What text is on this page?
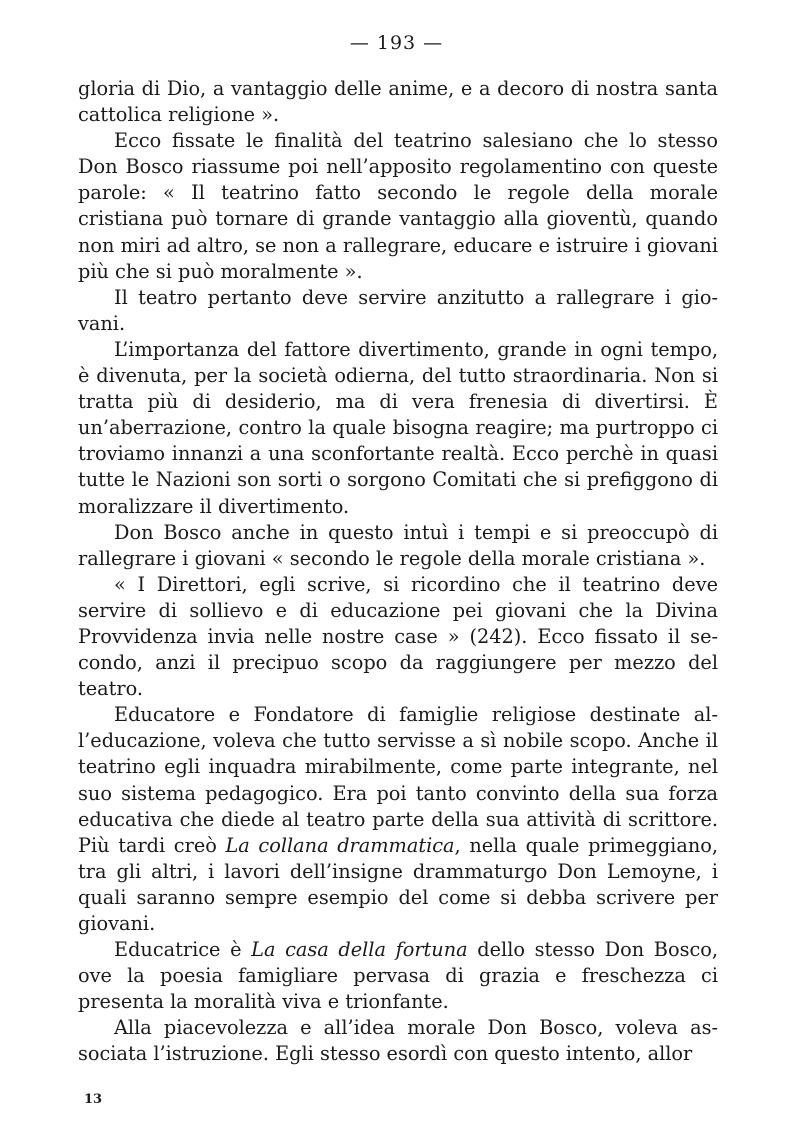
— 193 —

gloria di Dio, a vantaggio delle anime, e a decoro di nostra santa cattolica religione ».

Ecco fissate le finalità del teatrino salesiano che lo stesso Don Bosco riassume poi nell’apposito regolamentino con queste parole: « Il teatrino fatto secondo le regole della morale cristiana può tornare di grande vantaggio alla gioventù, quando non miri ad altro, se non a rallegrare, educare e istruire i giovani più che si può moralmente ».

Il teatro pertanto deve servire anzitutto a rallegrare i giovani.

L’importanza del fattore divertimento, grande in ogni tempo, è divenuta, per la società odierna, del tutto straordinaria. Non si tratta più di desiderio, ma di vera frenesia di divertirsi. È un’aberrazione, contro la quale bisogna reagire; ma purtroppo ci troviamo innanzi a una sconfortante realtà. Ecco perchè in quasi tutte le Nazioni son sorti o sorgono Comitati che si prefiggono di moralizzare il divertimento.

Don Bosco anche in questo intuì i tempi e si preoccupò di rallegrare i giovani « secondo le regole della morale cristiana ».

« I Direttori, egli scrive, si ricordino che il teatrino deve servire di sollievo e di educazione pei giovani che la Divina Provvidenza invia nelle nostre case » (242). Ecco fissato il secondo, anzi il precipuo scopo da raggiungere per mezzo del teatro.

Educatore e Fondatore di famiglie religiose destinate all’educazione, voleva che tutto servisse a sì nobile scopo. Anche il teatrino egli inquadra mirabilmente, come parte integrante, nel suo sistema pedagogico. Era poi tanto convinto della sua forza educativa che diede al teatro parte della sua attività di scrittore. Più tardi creò La collana drammatica, nella quale primeggiano, tra gli altri, i lavori dell’insigne drammaturgo Don Lemoyne, i quali saranno sempre esempio del come si debba scrivere per giovani.

Educatrice è La casa della fortuna dello stesso Don Bosco, ove la poesia famigliare pervasa di grazia e freschezza ci presenta la moralità viva e trionfante.

Alla piacevolezza e all’idea morale Don Bosco, voleva associata l’istruzione. Egli stesso esordì con questo intento, allor

13
